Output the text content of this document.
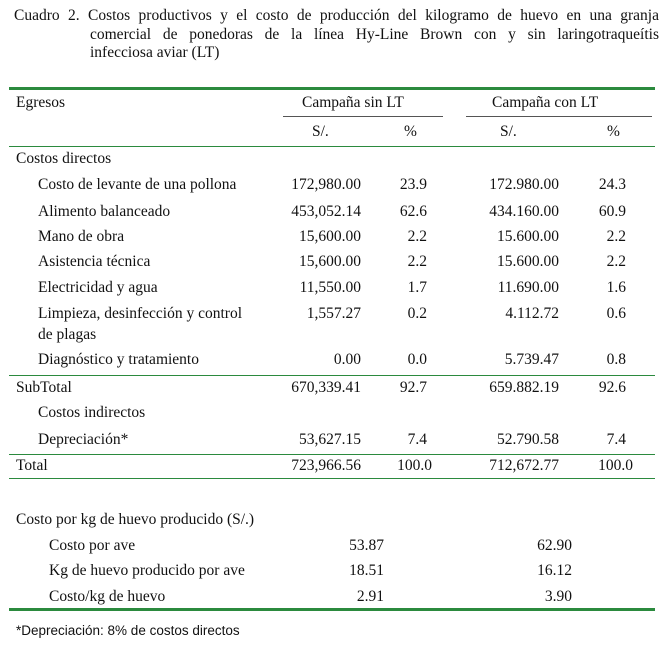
Cuadro 2. Costos productivos y el costo de producción del kilogramo de huevo en una granja
comercial de ponedoras de la línea Hy-Line Brown con y sin laringotraqueítis
infecciosa aviar (LT)
Egresos	Campaña sin LT	Campaña con LT
S/.	%	S/.	%
Costos directos
Costo de levante de una pollona	172,980.00	23.9	172.980.00	24.3
Alimento balanceado	453,052.14	62.6	434.160.00	60.9
Mano de obra	15,600.00	2.2	15.600.00	2.2
Asistencia técnica	15,600.00	2.2	15.600.00	2.2
Electricidad y agua	11,550.00	1.7	11.690.00	1.6
Limpieza, desinfección y control
de plagas
1,557.27	0.2	4.112.72	0.6
Diagnóstico y tratamiento	0.00	0.0	5.739.47	0.8
SubTotal	670,339.41	92.7	659.882.19	92.6
Costos indirectos
Depreciación*	53,627.15	7.4	52.790.58	7.4
Total	723,966.56 100.0	712,672.77	100.0
Costo por kg de huevo producido (S/.)
Costo por ave	53.87	62.90
Kg de huevo producido por ave	18.51	16.12
Costo/kg de huevo	2.91	3.90
*Depreciación: 8% de costos directos
